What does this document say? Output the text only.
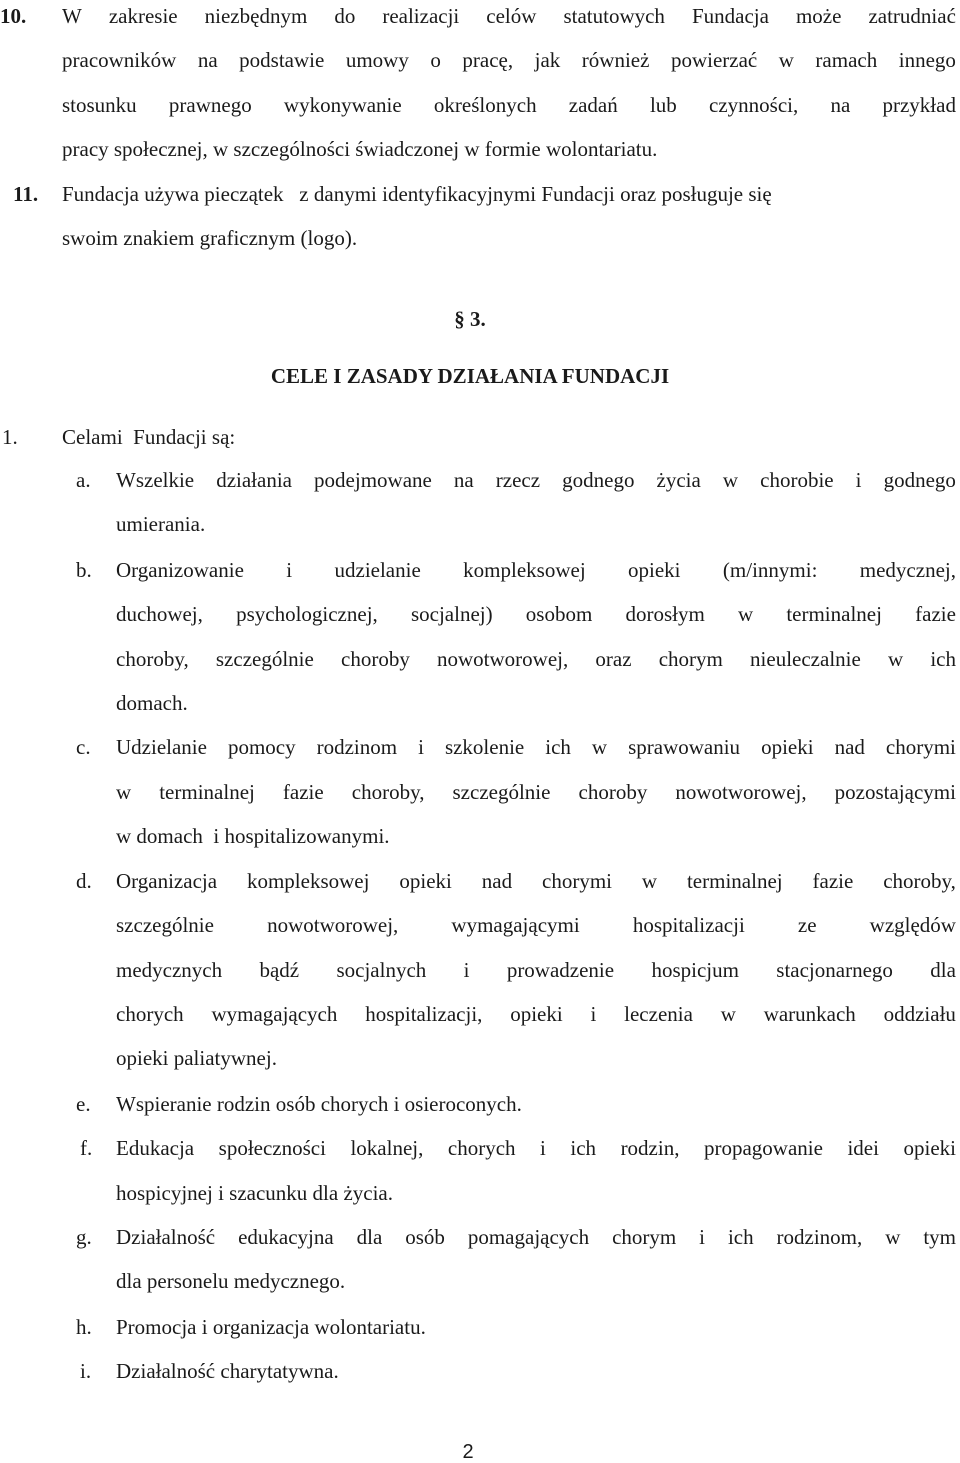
10. W zakresie niezbędnym do realizacji celów statutowych Fundacja może zatrudniać
pracowników na podstawie umowy o pracę, jak również powierzać w ramach innego
stosunku prawnego wykonywanie określonych zadań lub czynności, na przykład
pracy społecznej, w szczególności świadczonej w formie wolontariatu.
11. Fundacja używa pieczątek   z danymi identyfikacyjnymi Fundacji oraz posługuje się
swoim znakiem graficznym (logo).
§ 3.
CELE I ZASADY DZIAŁANIA FUNDACJI
1. Celami  Fundacji są:
a. Wszelkie działania podejmowane na rzecz godnego życia w chorobie i godnego
umierania.
b. Organizowanie i udzielanie kompleksowej opieki (m/innymi: medycznej,
duchowej, psychologicznej, socjalnej) osobom dorosłym w terminalnej fazie
choroby, szczególnie choroby nowotworowej, oraz chorym nieuleczalnie w ich
domach.
c. Udzielanie pomocy rodzinom i szkolenie ich w sprawowaniu opieki nad chorymi
w terminalnej fazie choroby, szczególnie choroby nowotworowej, pozostającymi
w domach  i hospitalizowanymi.
d. Organizacja kompleksowej opieki nad chorymi w terminalnej fazie choroby,
szczególnie	nowotworowej,	wymagającymi	hospitalizacji	ze	względów
medycznych bądź socjalnych i prowadzenie hospicjum stacjonarnego dla
chorych wymagających hospitalizacji, opieki i leczenia w warunkach oddziału
opieki paliatywnej.
e. Wspieranie rodzin osób chorych i osieroconych.
f. Edukacja społeczności lokalnej, chorych i ich rodzin, propagowanie idei opieki
hospicyjnej i szacunku dla życia.
g. Działalność edukacyjna dla osób pomagających chorym i ich rodzinom, w tym
dla personelu medycznego.
h. Promocja i organizacja wolontariatu.
i. Działalność charytatywna.
2
